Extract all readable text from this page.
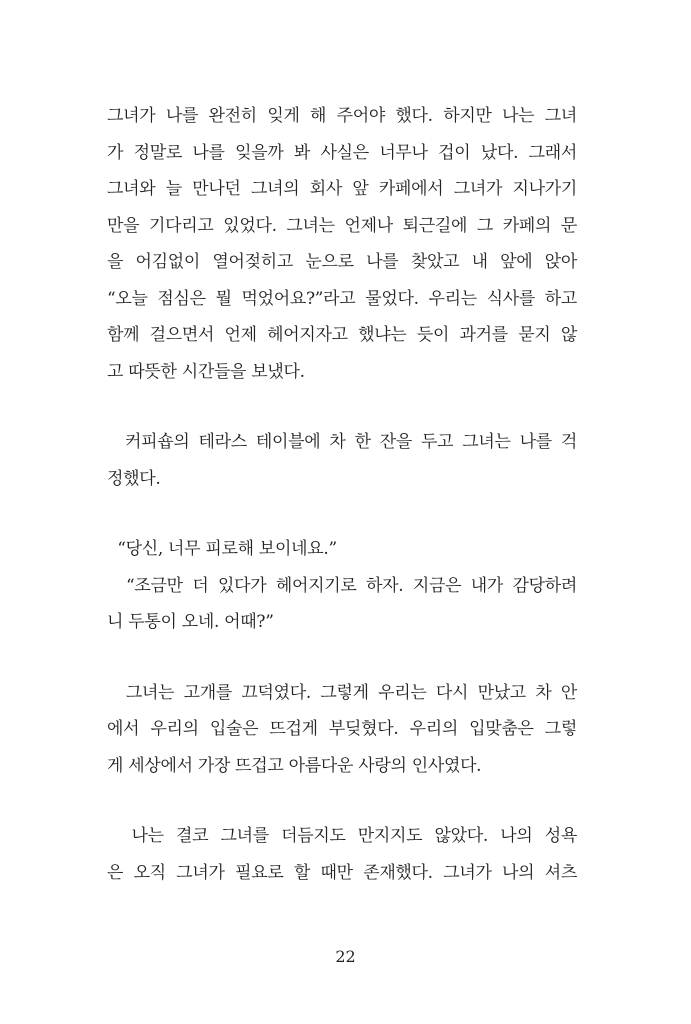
그녀가 나를 완전히 잊게 해 주어야 했다. 하지만 나는 그녀
가 정말로 나를 잊을까 봐 사실은 너무나 겁이 났다. 그래서
그녀와 늘 만나던 그녀의 회사 앞 카페에서 그녀가 지나가기
만을 기다리고 있었다. 그녀는 언제나 퇴근길에 그 카페의 문
을 어김없이 열어젖히고 눈으로 나를 찾았고 내 앞에 앉아
“오늘 점심은 뭘 먹었어요?”라고 물었다. 우리는 식사를 하고
함께 걸으면서 언제 헤어지자고 했냐는 듯이 과거를 묻지 않
고 따뜻한 시간들을 보냈다.
커피숍의 테라스 테이블에 차 한 잔을 두고 그녀는 나를 걱
정했다.
“당신, 너무 피로해 보이네요.”
“조금만 더 있다가 헤어지기로 하자. 지금은 내가 감당하려
니 두통이 오네. 어때?”
그녀는 고개를 끄덕였다. 그렇게 우리는 다시 만났고 차 안
에서 우리의 입술은 뜨겁게 부딪혔다. 우리의 입맞춤은 그렇
게 세상에서 가장 뜨겁고 아름다운 사랑의 인사였다.
나는 결코 그녀를 더듬지도 만지지도 않았다. 나의 성욕
은 오직 그녀가 필요로 할 때만 존재했다. 그녀가 나의 셔츠
22
